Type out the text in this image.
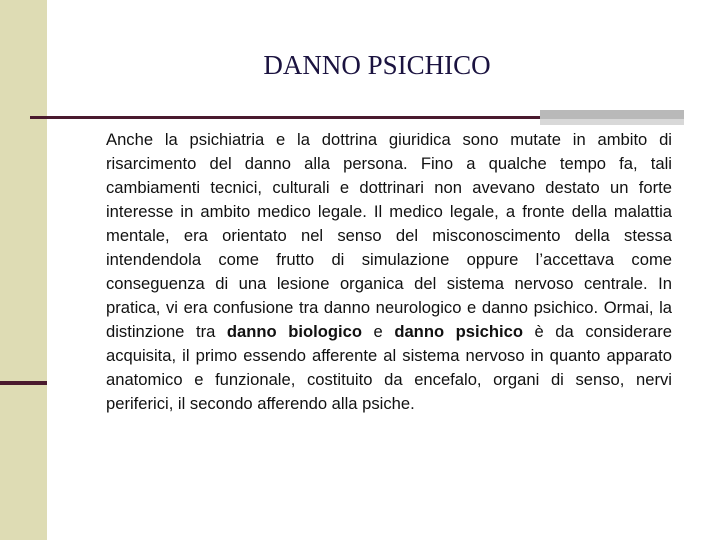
DANNO PSICHICO

Anche la psichiatria e la dottrina giuridica sono mutate in ambito di risarcimento del danno alla persona. Fino a qualche tempo fa, tali cambiamenti tecnici, culturali e dottrinari non avevano destato un forte interesse in ambito medico legale. Il medico legale, a fronte della malattia mentale, era orientato nel senso del misconoscimento della stessa intendendola come frutto di simulazione oppure l’accettava come conseguenza di una lesione organica del sistema nervoso centrale. In pratica, vi era confusione tra danno neurologico e danno psichico. Ormai, la distinzione tra danno biologico e danno psichico è da considerare acquisita, il primo essendo afferente al sistema nervoso in quanto apparato anatomico e funzionale, costituito da encefalo, organi di senso, nervi periferici, il secondo afferendo alla psiche.
